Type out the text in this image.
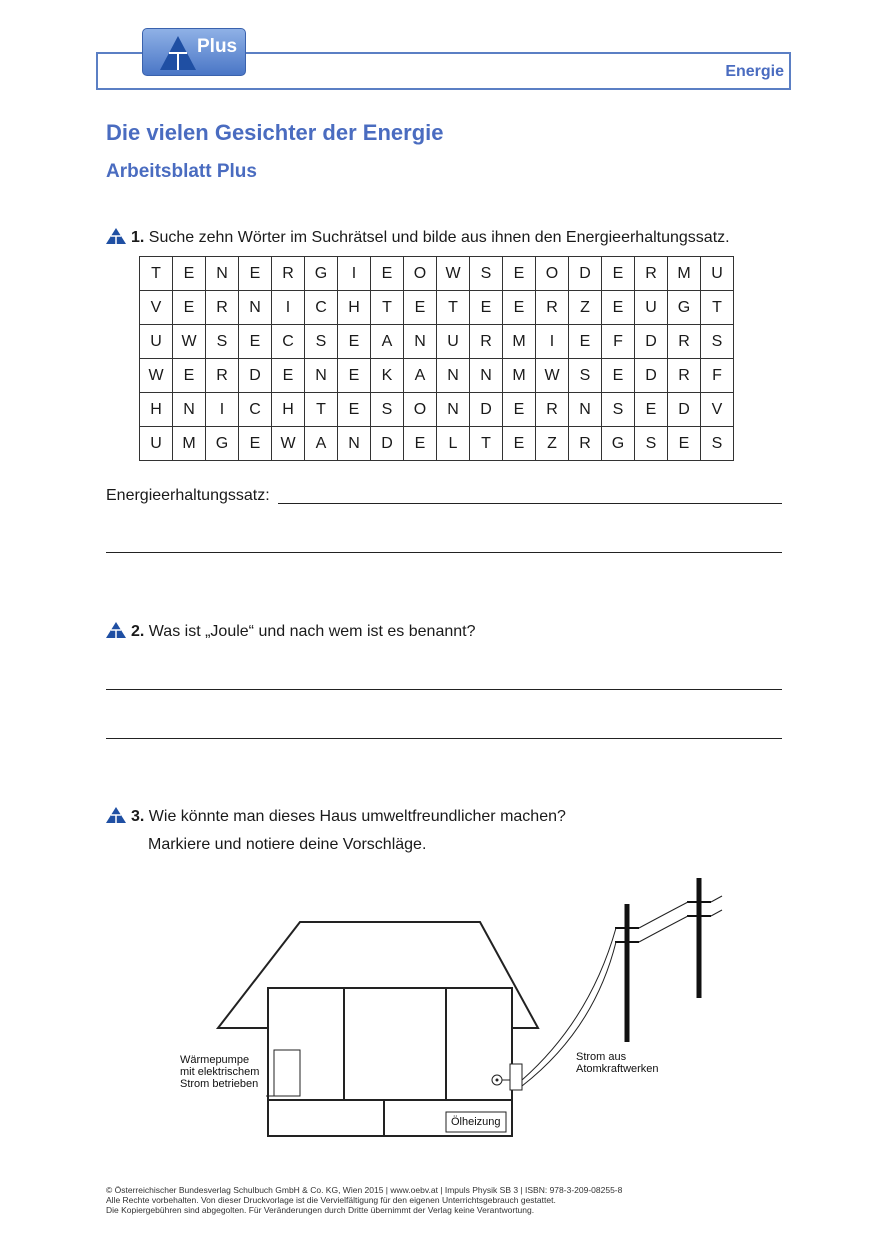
Plus
Energie
Die vielen Gesichter der Energie
Arbeitsblatt Plus
1. Suche zehn Wörter im Suchrätsel und bilde aus ihnen den Energieerhaltungssatz.
T	E	N	E	R	G	I	E	O	W	S	E	O	D	E	R	M	U
V	E	R	N	I	C	H	T	E	T	E	E	R	Z	E	U	G	T
U	W	S	E	C	S	E	A	N	U	R	M	I	E	F	D	R	S
W	E	R	D	E	N	E	K	A	N	N	M	W	S	E	D	R	F
H	N	I	C	H	T	E	S	O	N	D	E	R	N	S	E	D	V
U	M	G	E	W	A	N	D	E	L	T	E	Z	R	G	S	E	S
Energieerhaltungssatz:
2. Was ist „Joule“ und nach wem ist es benannt?
3. Wie könnte man dieses Haus umweltfreundlicher machen?
Markiere und notiere deine Vorschläge.
Wärmepumpe
mit elektrischem
Strom betrieben
Ölheizung
Strom aus
Atomkraftwerken
© Österreichischer Bundesverlag Schulbuch GmbH & Co. KG, Wien 2015 | www.oebv.at | Impuls Physik SB 3 | ISBN: 978-3-209-08255-8
Alle Rechte vorbehalten. Von dieser Druckvorlage ist die Vervielfältigung für den eigenen Unterrichtsgebrauch gestattet.
Die Kopiergebühren sind abgegolten. Für Veränderungen durch Dritte übernimmt der Verlag keine Verantwortung.
